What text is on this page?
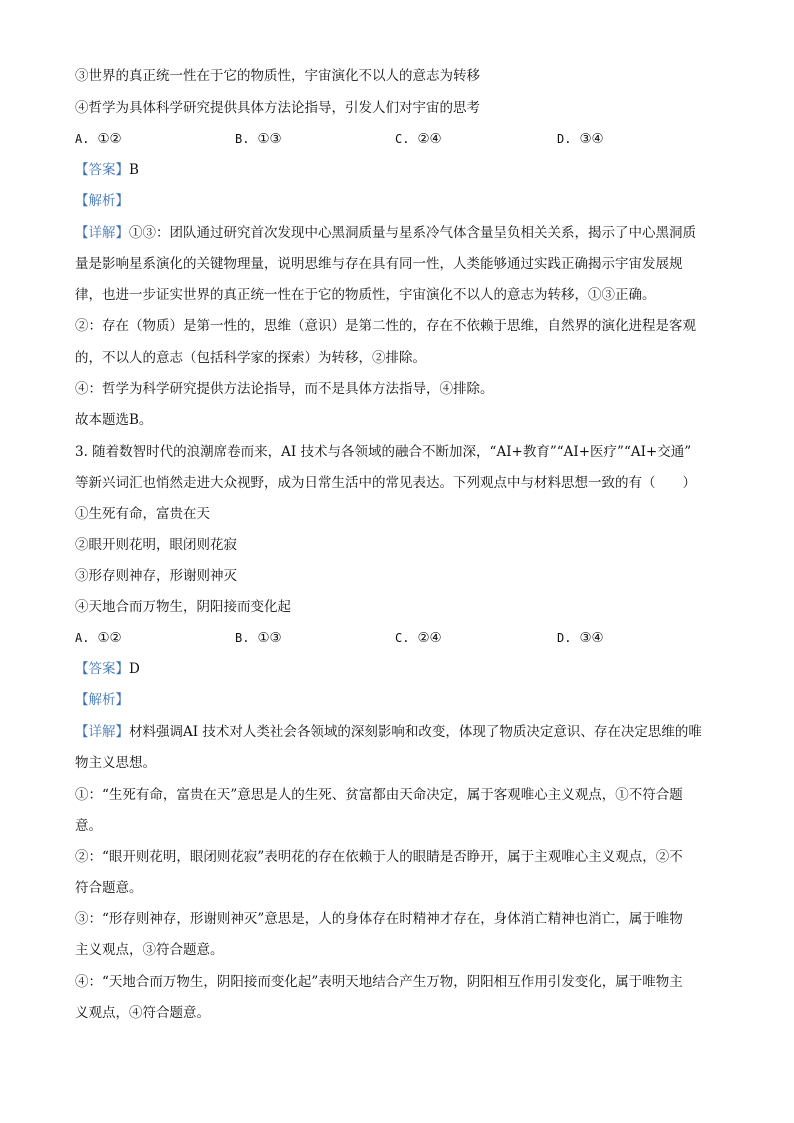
③世界的真正统一性在于它的物质性，宇宙演化不以人的意志为转移
④哲学为具体科学研究提供具体方法论指导，引发人们对宇宙的思考
A. ①②	B. ①③	C. ②④	D. ③④
【答案】B
【解析】
【详解】①③：团队通过研究首次发现中心黑洞质量与星系冷气体含量呈负相关关系，揭示了中心黑洞质
量是影响星系演化的关键物理量，说明思维与存在具有同一性，人类能够通过实践正确揭示宇宙发展规
律，也进一步证实世界的真正统一性在于它的物质性，宇宙演化不以人的意志为转移，①③正确。
②：存在（物质）是第一性的，思维（意识）是第二性的，存在不依赖于思维，自然界的演化进程是客观
的，不以人的意志（包括科学家的探索）为转移，②排除。
④：哲学为科学研究提供方法论指导，而不是具体方法指导，④排除。
故本题选B。
3. 随着数智时代的浪潮席卷而来，AI 技术与各领域的融合不断加深，“AI+教育”“AI+医疗”“AI+交通”
等新兴词汇也悄然走进大众视野，成为日常生活中的常见表达。下列观点中与材料思想一致的有（　　）
①生死有命，富贵在天
②眼开则花明，眼闭则花寂
③形存则神存，形谢则神灭
④天地合而万物生，阴阳接而变化起
A. ①②	B. ①③	C. ②④	D. ③④
【答案】D
【解析】
【详解】材料强调AI 技术对人类社会各领域的深刻影响和改变，体现了物质决定意识、存在决定思维的唯
物主义思想。
①：“生死有命，富贵在天”意思是人的生死、贫富都由天命决定，属于客观唯心主义观点，①不符合题
意。
②：“眼开则花明，眼闭则花寂”表明花的存在依赖于人的眼睛是否睁开，属于主观唯心主义观点，②不
符合题意。
③：“形存则神存，形谢则神灭”意思是，人的身体存在时精神才存在，身体消亡精神也消亡，属于唯物
主义观点，③符合题意。
④：“天地合而万物生，阴阳接而变化起”表明天地结合产生万物，阴阳相互作用引发变化，属于唯物主
义观点，④符合题意。
